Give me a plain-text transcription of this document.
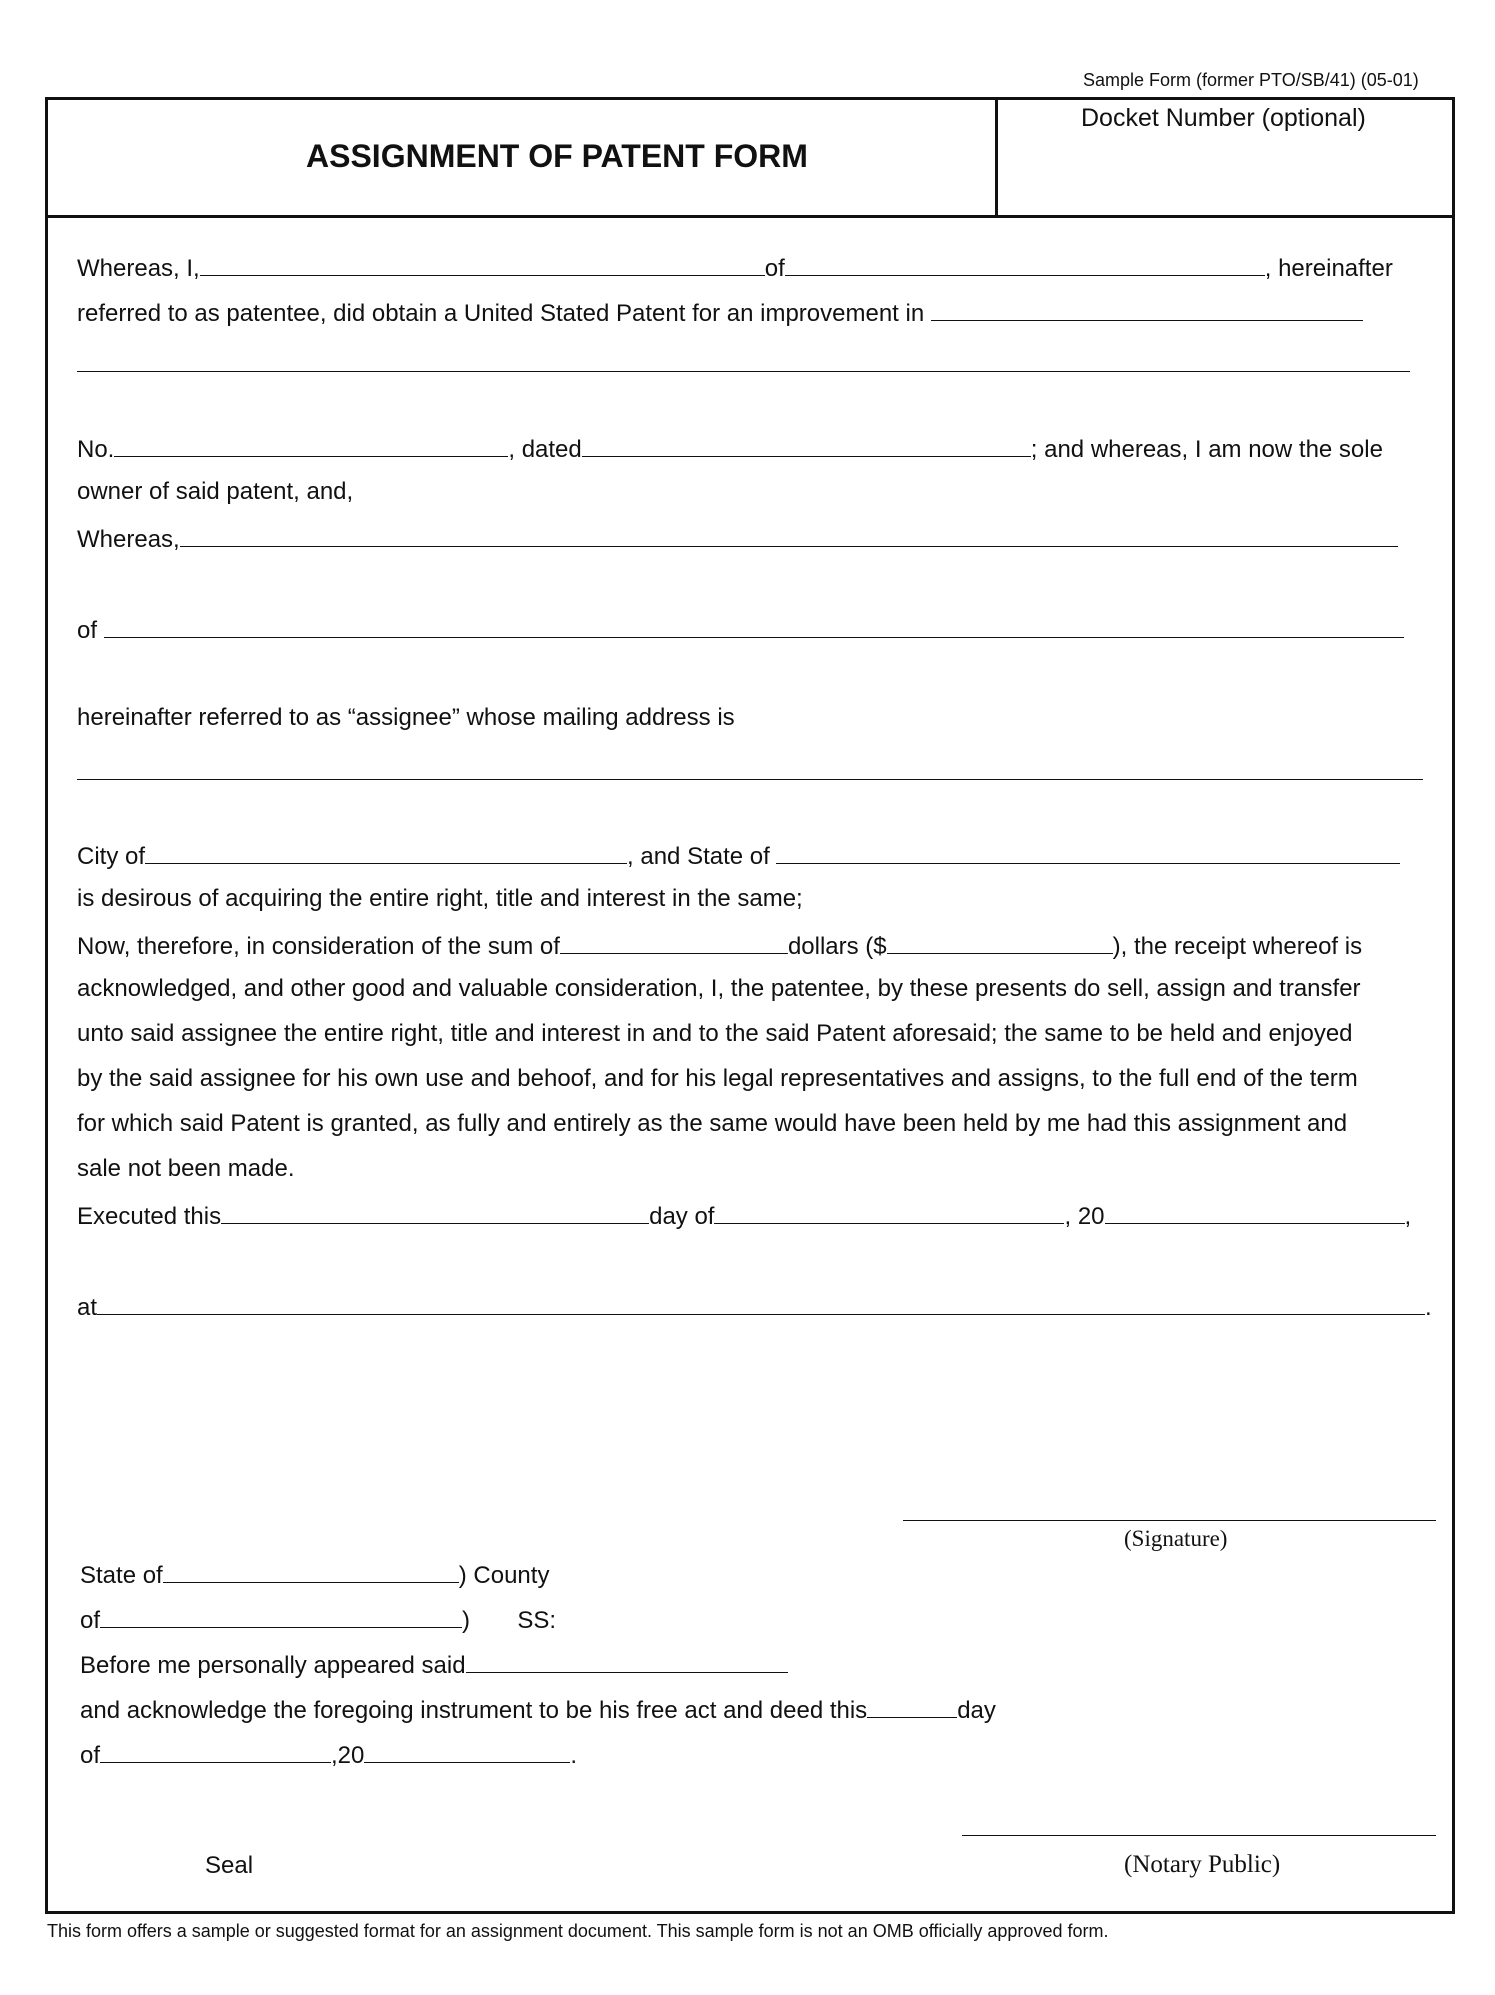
Sample Form (former PTO/SB/41) (05-01)
ASSIGNMENT OF PATENT FORM
Docket Number (optional)
Whereas, I,	of	, hereinafter
referred to as patentee, did obtain a United Stated Patent for an improvement in
No.	, dated	; and whereas, I am now the sole
owner of said patent, and,
Whereas,
of
hereinafter referred to as “assignee” whose mailing address is
City of	, and State of
is desirous of acquiring the entire right, title and interest in the same;
Now, therefore, in consideration of the sum of	dollars ($	), the receipt whereof is
acknowledged, and other good and valuable consideration, I, the patentee, by these presents do sell, assign and transfer
unto said assignee the entire right, title and interest in and to the said Patent aforesaid; the same to be held and enjoyed
by the said assignee for his own use and behoof, and for his legal representatives and assigns, to the full end of the term
for which said Patent is granted, as fully and entirely as the same would have been held by me had this assignment and
sale not been made.
Executed this	day of	, 20	,
at	.
(Signature)
State of	) County
of	) SS:
Before me personally appeared said
and acknowledge the foregoing instrument to be his free act and deed this	day
of	,20	.
Seal	(Notary Public)
This form offers a sample or suggested format for an assignment document. This sample form is not an OMB officially approved form.
